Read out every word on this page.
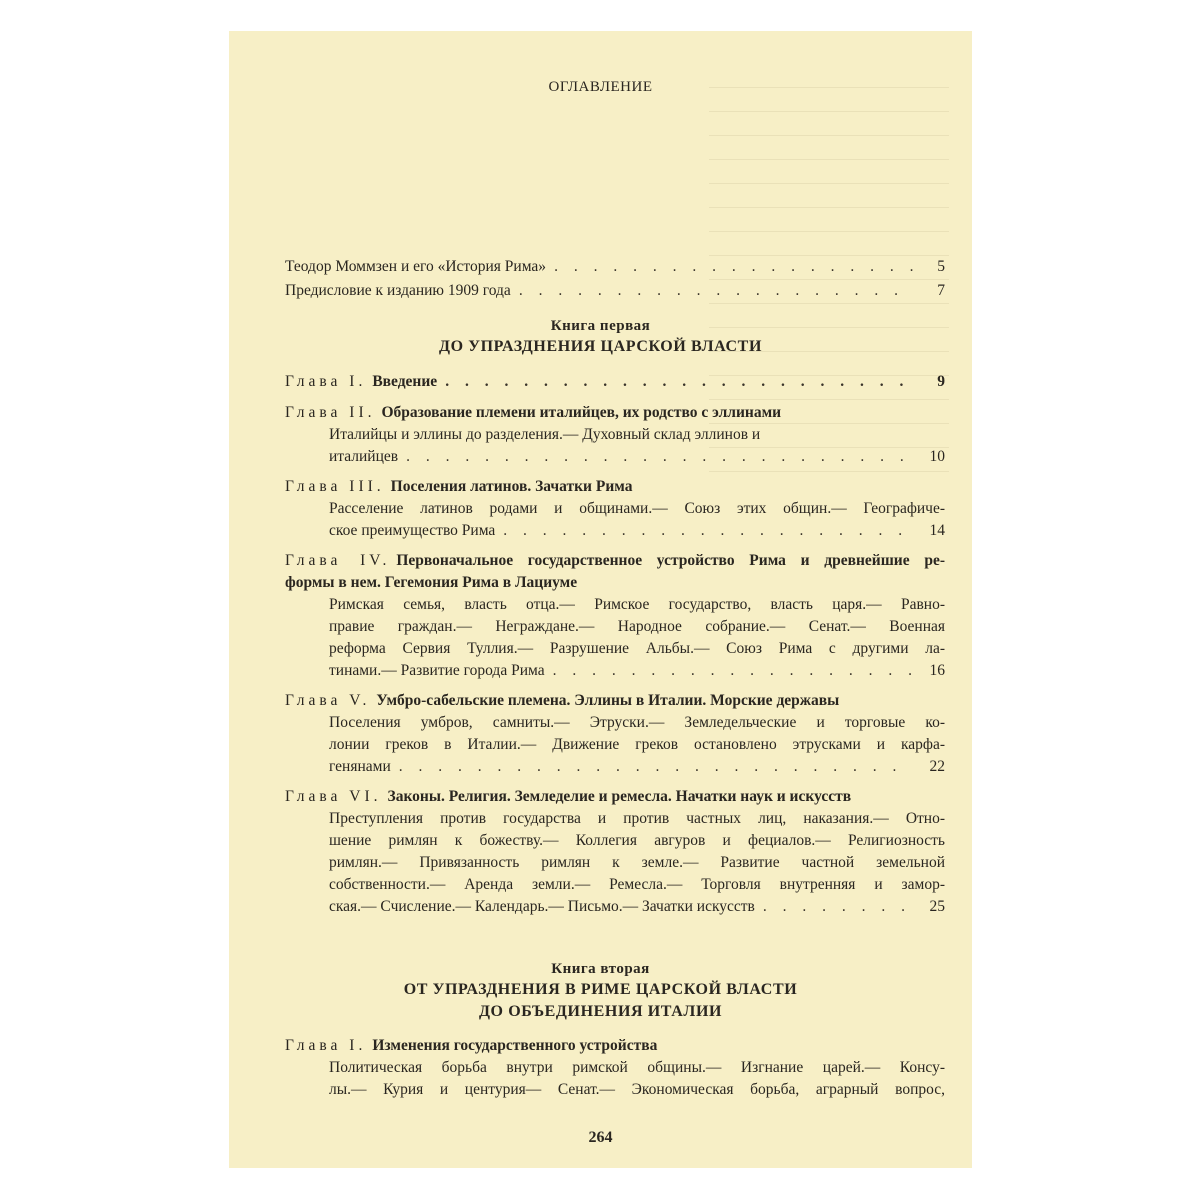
ОГЛАВЛЕНИЕ
Теодор Моммзен и его «История Рима» . . .	5
Предисловие к изданию 1909 года . . .	7
Книга первая
ДО УПРАЗДНЕНИЯ ЦАРСКОЙ ВЛАСТИ
Глава I. Введение . . .	9
Глава II. Образование племени италийцев, их родство с эллинами
Италийцы и эллины до разделения.— Духовный склад эллинов и
италийцев . . .	10
Глава III. Поселения латинов. Зачатки Рима
Расселение латинов родами и общинами.— Союз этих общин.— Географиче-
ское преимущество Рима . . .	14
Глава IV. Первоначальное государственное устройство Рима и древнейшие ре-
формы в нем. Гегемония Рима в Лациуме
Римская семья, власть отца.— Римское государство, власть царя.— Равно-
правие граждан.— Неграждане.— Народное собрание.— Сенат.— Военная
реформа Сервия Туллия.— Разрушение Альбы.— Союз Рима с другими ла-
тинами.— Развитие города Рима . . .	16
Глава V. Умбро-сабельские племена. Эллины в Италии. Морские державы
Поселения умбров, самниты.— Этруски.— Земледельческие и торговые ко-
лонии греков в Италии.— Движение греков остановлено этрусками и карфа-
генянами . . .	22
Глава VI. Законы. Религия. Земледелие и ремесла. Начатки наук и искусств
Преступления против государства и против частных лиц, наказания.— Отно-
шение римлян к божеству.— Коллегия авгуров и фециалов.— Религиозность
римлян.— Привязанность римлян к земле.— Развитие частной земельной
собственности.— Аренда земли.— Ремесла.— Торговля внутренняя и замор-
ская.— Счисление.— Календарь.— Письмо.— Зачатки искусств . . .	25
Книга вторая
ОТ УПРАЗДНЕНИЯ В РИМЕ ЦАРСКОЙ ВЛАСТИ
ДО ОБЪЕДИНЕНИЯ ИТАЛИИ
Глава I. Изменения государственного устройства
Политическая борьба внутри римской общины.— Изгнание царей.— Консу-
лы.— Курия и центурия— Сенат.— Экономическая борьба, аграрный вопрос,
264
